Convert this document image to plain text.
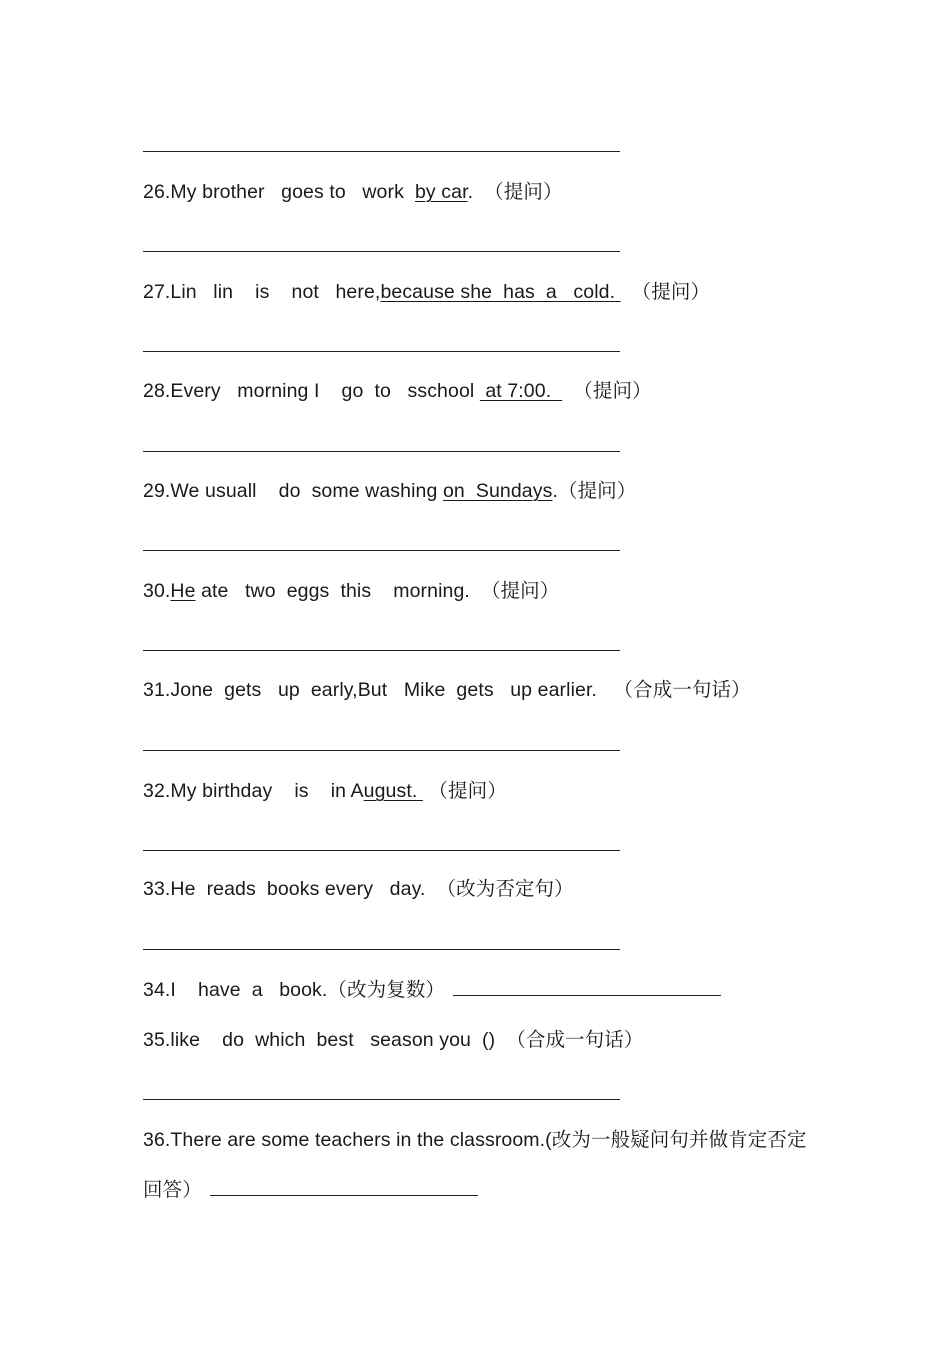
26.My brother   goes to   work  by car.  （提问）
27.Lin   lin    is    not   here,because she  has  a   cold.   （提问）
28.Every   morning I    go  to   sschool  at 7:00.    （提问）
29.We usuall    do  some washing on  Sundays.（提问）
30.He ate   two  eggs  this    morning.  （提问）
31.Jone  gets   up  early,But   Mike  gets   up earlier.   （合成一句话）
32.My birthday    is    in August.  （提问）
33.He  reads  books every   day.  （改为否定句）
34.I    have  a   book.（改为复数）
35.like    do  which  best   season you  ()  （合成一句话）
36.There are some teachers in the classroom.(改为一般疑问句并做肯定否定回答）
